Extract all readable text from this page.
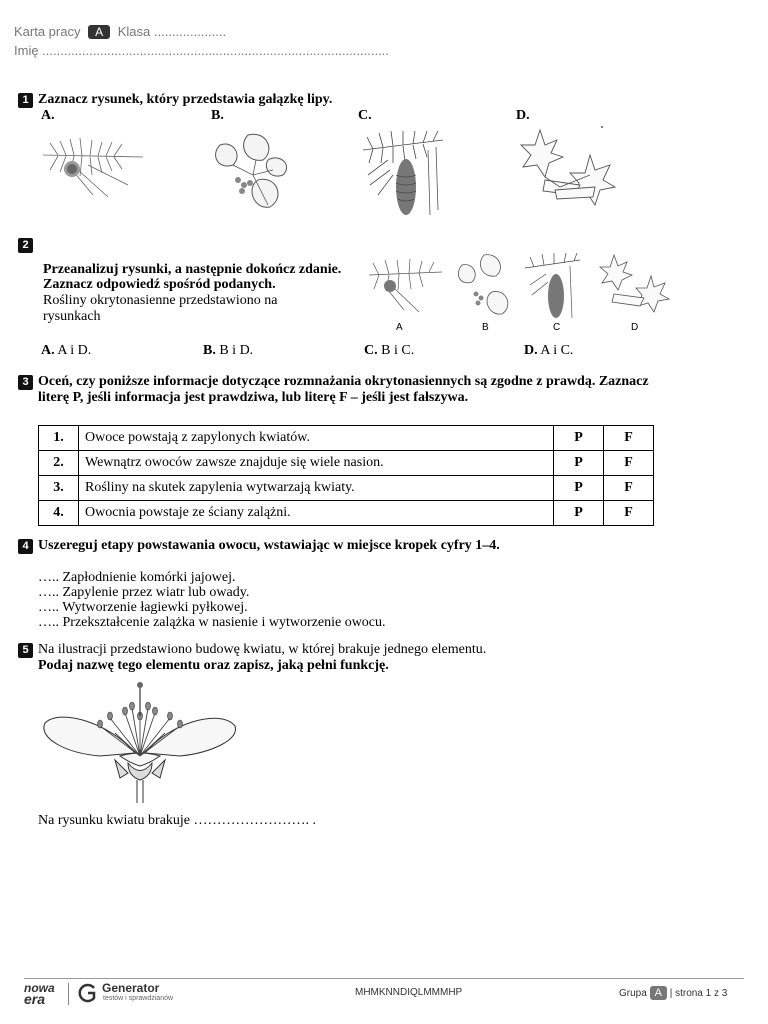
Karta pracy A Klasa ....................
Imię ................................................................................................
1 Zaznacz rysunek, który przedstawia gałązkę lipy.
A.	B.	C.	D.
2
Przeanalizuj rysunki, a następnie dokończ zdanie.
Zaznacz odpowiedź spośród podanych.
Rośliny okrytonasienne przedstawiono na
rysunkach
A	B	C	D
A. A i D.	B. B i D.	C. B i C.	D. A i C.
3 Oceń, czy poniższe informacje dotyczące rozmnażania okrytonasiennych są zgodne z prawdą. Zaznacz
literę P, jeśli informacja jest prawdziwa, lub literę F – jeśli jest fałszywa.
1.	Owoce powstają z zapylonych kwiatów.	P	F
2.	Wewnątrz owoców zawsze znajduje się wiele nasion.	P	F
3.	Rośliny na skutek zapylenia wytwarzają kwiaty.	P	F
4.	Owocnia powstaje ze ściany zalążni.	P	F
4 Uszereguj etapy powstawania owocu, wstawiając w miejsce kropek cyfry 1–4.
….. Zapłodnienie komórki jajowej.
….. Zapylenie przez wiatr lub owady.
….. Wytworzenie łagiewki pyłkowej.
….. Przekształcenie zalążka w nasienie i wytworzenie owocu.
5 Na ilustracji przedstawiono budowę kwiatu, w której brakuje jednego elementu.
Podaj nazwę tego elementu oraz zapisz, jaką pełni funkcję.
Na rysunku kwiatu brakuje ……………………. .
nowa
era
Generator
testów i sprawdzianów
MHMKNNDIQLMMMHP	Grupa A | strona 1 z 3
